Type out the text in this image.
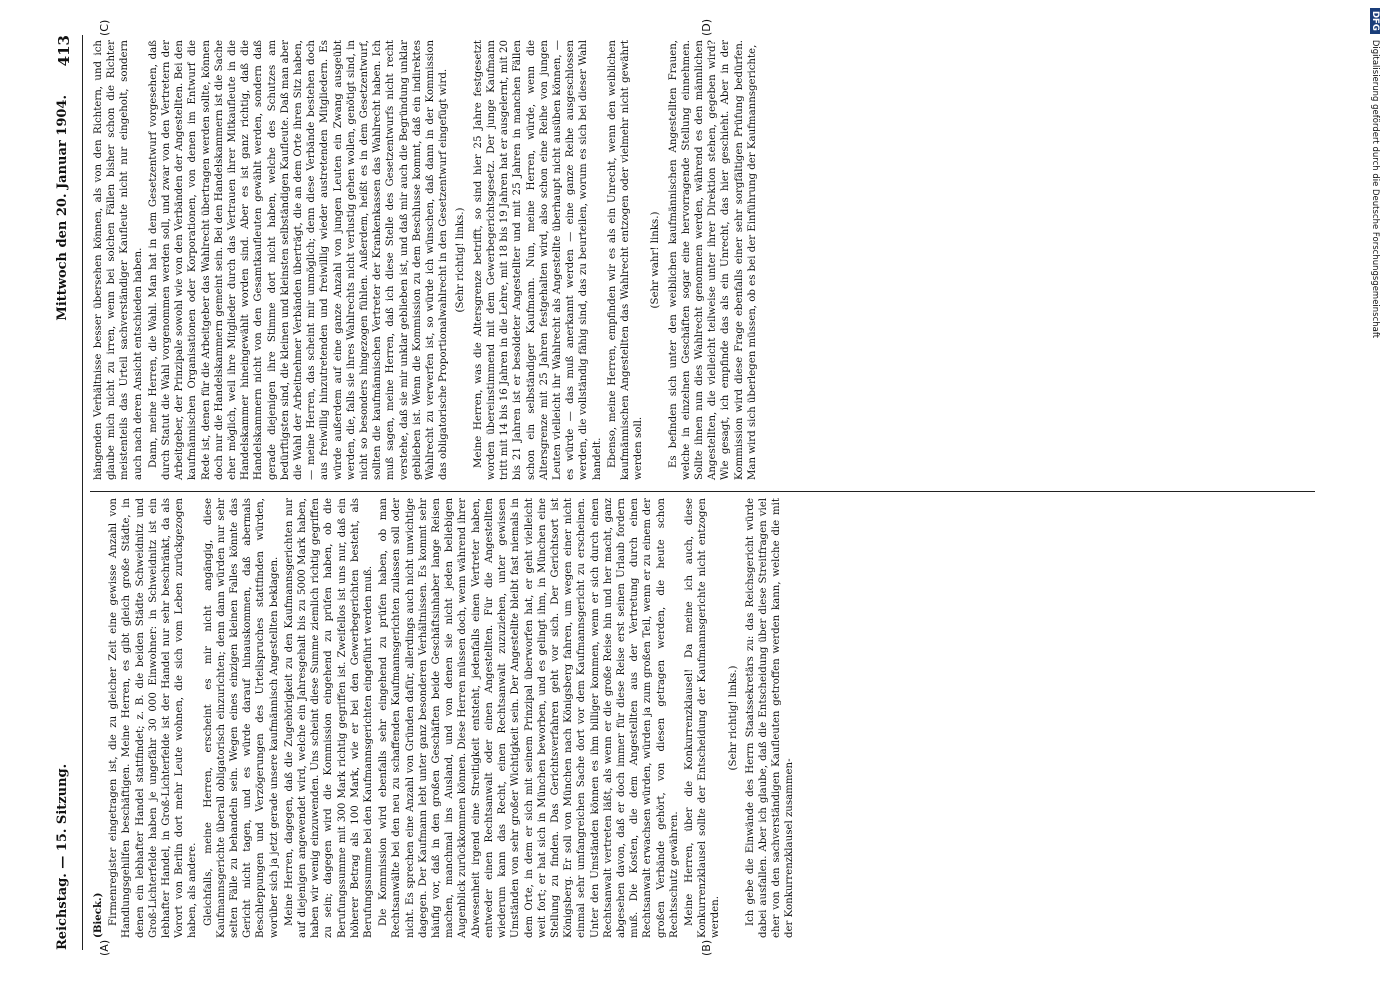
Reichstag. — 15. Sitzung.
Mittwoch den 20. Januar 1904.
413
(A)	(B)
(C)	(D)

(Bieck.) Firmenregister eingetragen ist, die zu gleicher Zeit eine gewisse Anzahl von Handlungsgehilfen beschäftigen. Meine Herren, es gibt gleich große Städte, in denen ein lebhafter Handel stattfindet; z. B. die beiden Städte Schweidnitz und Groß-Lichterfelde haben je ungefähr 30 000 Einwohner: in Schweidnitz ist ein lebhafter Handel, in Groß-Lichterfelde ist der Handel nur sehr beschränkt, da als Vorort von Berlin dort mehr Leute wohnen, die sich vom Leben zurückgezogen haben, als andere. Gleichfalls, meine Herren, erscheint es mir nicht angängig, diese Kaufmannsgerichte überall obligatorisch einzurichten; denn dann würden nur sehr selten Fälle zu behandeln sein. Wegen eines einzigen kleinen Falles könnte das Gericht nicht tagen, und es würde darauf hinauskommen, daß abermals Beschleppungen und Verzögerungen des Urteilspruches stattfinden würden, worüber sich ja jetzt gerade unsere kaufmännisch Angestellten beklagen. Meine Herren, dagegen, daß die Zugehörigkeit zu den Kaufmannsgerichten nur auf diejenigen angewendet wird, welche ein Jahresgehalt bis zu 5000 Mark haben, haben wir wenig einzuwenden. Uns scheint diese Summe ziemlich richtig gegriffen zu sein; dagegen wird die Kommission eingehend zu prüfen haben, ob die Berufungssumme mit 300 Mark richtig gegriffen ist. Zweifellos ist uns nur, daß ein höherer Betrag als 100 Mark, wie er bei den Gewerbegerichten besteht, als Berufungssumme bei den Kaufmannsgerichten eingeführt werden muß. Die Kommission wird ebenfalls sehr eingehend zu prüfen haben, ob man Rechtsanwälte bei den neu zu schaffenden Kaufmannsgerichten zulassen soll oder nicht. Es sprechen eine Anzahl von Gründen dafür, allerdings auch nicht unwichtige dagegen. Der Kaufmann lebt unter ganz besonderen Verhältnissen. Es kommt sehr häufig vor, daß in den großen Geschäften beide Geschäftsinhaber lange Reisen machen, manchmal ins Ausland, und von denen sie nicht jeden beliebigen Augenblick zurückkommen können. Diese Herren müssen doch, wenn während ihrer Abwesenheit irgend eine Streitigkeit entsteht, jedenfalls einen Vertreter haben, entweder einen Rechtsanwalt oder einen Angestellten. Für die Angestellten wiederum kann das Recht, einen Rechtsanwalt zuzuziehen, unter gewissen Umständen von sehr großer Wichtigkeit sein. Der Angestellte bleibt fast niemals in dem Orte, in dem er sich mit seinem Prinzipal überworfen hat, er geht vielleicht weit fort; er hat sich in München beworben, und es gelingt ihm, in München eine Stellung zu finden. Das Gerichtsverfahren geht vor sich. Der Gerichtsort ist Königsberg. Er soll von München nach Königsberg fahren, um wegen einer nicht einmal sehr umfangreichen Sache dort vor dem Kaufmannsgericht zu erscheinen. Unter den Umständen können es ihm billiger kommen, wenn er sich durch einen Rechtsanwalt vertreten läßt, als wenn er die große Reise hin und her macht, ganz abgesehen davon, daß er doch immer für diese Reise erst seinen Urlaub fordern muß. Die Kosten, die dem Angestellten aus der Vertretung durch einen Rechtsanwalt erwachsen würden, würden ja zum großen Teil, wenn er zu einem der großen Verbände gehört, von diesen getragen werden, die heute schon Rechtsschutz gewähren. Meine Herren, über die Konkurrenzklausel! Da meine ich auch, diese Konkurrenzklausel sollte der Entscheidung der Kaufmannsgerichte nicht entzogen werden.

(Sehr richtig! links.) Ich gebe die Einwände des Herrn Staatssekretärs zu: das Reichsgericht würde dabei ausfallen. Aber ich glaube, daß die Entscheidung über diese Streitfragen viel eher von den sachverständigen Kaufleuten getroffen werden kann, welche die mit der Konkurrenzklausel zusammen-

hängenden Verhältnisse besser übersehen können, als von den Richtern, und ich glaube mich nicht zu irren, wenn bei solchen Fällen bisher schon die Richter meistenteils das Urteil sachverständiger Kaufleute nicht nur eingeholt, sondern auch nach deren Ansicht entschieden haben. Dann, meine Herren, die Wahl. Man hat in dem Gesetzentwurf vorgesehen, daß durch Statut die Wahl vorgenommen werden soll, und zwar von den Vertretern der Arbeitgeber, der Prinzipale sowohl wie von den Verbänden der Angestellten. Bei den kaufmännischen Organisationen oder Korporationen, von denen im Entwurf die Rede ist, denen für die Arbeitgeber das Wahlrecht übertragen werden sollte, können doch nur die Handelskammern gemeint sein. Bei den Handelskammern ist die Sache eher möglich, weil ihre Mitglieder durch das Vertrauen ihrer Mitkaufleute in die Handelskammer hineingewählt worden sind. Aber es ist ganz richtig, daß die Handelskammern nicht von den Gesamtkaufleuten gewählt werden, sondern daß gerade diejenigen ihre Stimme dort nicht haben, welche des Schutzes am bedürftigsten sind, die kleinen und kleinsten selbständigen Kaufleute. Daß man aber die Wahl der Arbeitnehmer Verbänden überträgt, die an dem Orte ihren Sitz haben, — meine Herren, das scheint mir unmöglich; denn diese Verbände bestehen doch aus freiwillig hinzutretenden und freiwillig wieder austretenden Mitgliedern. Es würde außerdem auf eine ganze Anzahl von jungen Leuten ein Zwang ausgeübt werden, die, falls sie ihres Wahlrechts nicht verlustig gehen wollen, genötigt sind, in nicht so besonders hingezogen fühlen. Außerdem, heißt es in dem Gesetzentwurf, sollten die kaufmännischen Vertreter der Krankenkassen das Wahlrecht haben. Ich muß sagen, meine Herren, daß ich diese Stelle des Gesetzentwurfs nicht recht verstehe, daß sie mir unklar geblieben ist, und daß mir auch die Begründung unklar geblieben ist. Wenn die Kommission zu dem Beschlusse kommt, daß ein indirektes Wahlrecht zu verwerfen ist, so würde ich wünschen, daß dann in der Kommission das obligatorische Proportionalwahlrecht in den Gesetzentwurf eingefügt wird. (Sehr richtig! links.) Meine Herren, was die Altersgrenze betrifft, so sind hier 25 Jahre festgesetzt worden übereinstimmend mit dem Gewerbegerichtsgesetz. Der junge Kaufmann tritt mit 14 bis 16 Jahren in die Lehre, mit 18 bis 19 Jahren hat er ausgelernt, mit 20 bis 21 Jahren ist er besoldeter Angestellter und mit 25 Jahren in manchen Fällen schon ein selbständiger Kaufmann. Nun, meine Herren, würde, wenn die Altersgrenze mit 25 Jahren festgehalten wird, also schon eine Reihe von jungen Leuten vielleicht ihr Wahlrecht als Angestellte überhaupt nicht ausüben können, — es würde — das muß anerkannt werden — eine ganze Reihe ausgeschlossen werden, die vollständig fähig sind, das zu beurteilen, worum es sich bei dieser Wahl handelt. Ebenso, meine Herren, empfinden wir es als ein Unrecht, wenn den weiblichen kaufmännischen Angestellten das Wahlrecht entzogen oder vielmehr nicht gewährt werden soll.

(Sehr wahr! links.) Es befinden sich unter den weiblichen kaufmännischen Angestellten Frauen, welche in einzelnen Geschäften sogar eine hervorragende Stellung einnehmen. Sollte ihnen nun dies Wahlrecht genommen werden, während es den männlichen Angestellten, die vielleicht teilweise unter ihrer Direktion stehen, gegeben wird? Wie gesagt, ich empfinde das als ein Unrecht, das hier geschieht. Aber in der Kommission wird diese Frage ebenfalls einer sehr sorgfältigen Prüfung bedürfen. Man wird sich überlegen müssen, ob es bei der Einführung der Kaufmannsgerichte,

DFGDigitalisierung gefördert durch die Deutsche Forschungsgemeinschaft
